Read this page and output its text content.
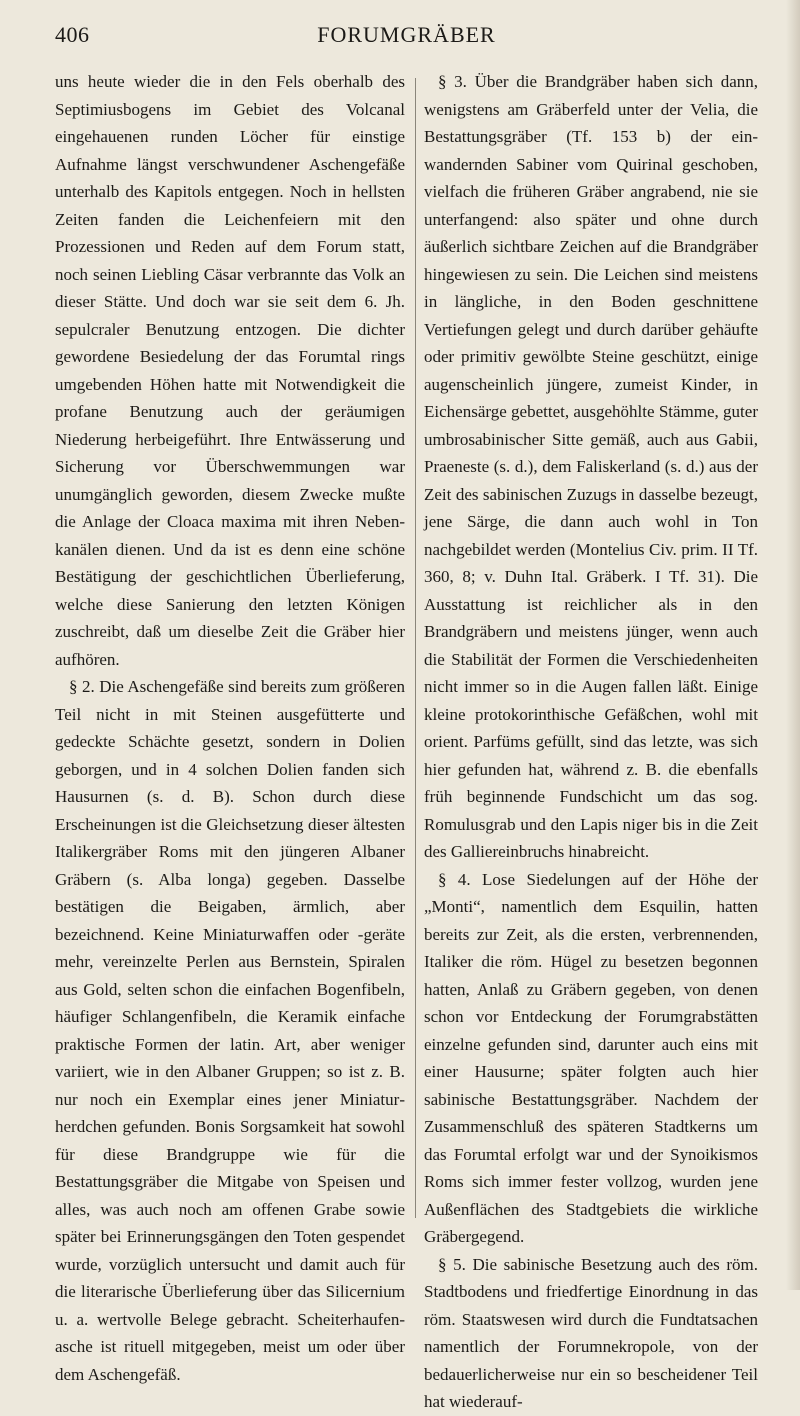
406	FORUMGRÄBER

uns heute wieder die in den Fels oberhalb des Septimiusbogens im Gebiet des Volcanal eingehauenen runden Löcher für einstige Aufnahme längst verschwundener Aschengefäße unterhalb des Kapitols entgegen. Noch in hellsten Zeiten fanden die Leichenfeiern mit den Prozessionen und Reden auf dem Forum statt, noch seinen Liebling Cäsar verbrannte das Volk an dieser Stätte. Und doch war sie seit dem 6. Jh. sepulcraler Benutzung entzogen. Die dichter gewordene Besiedelung der das Forumtal rings umgebenden Höhen hatte mit Notwendigkeit die profane Benutzung auch der geräumigen Niederung herbeigeführt. Ihre Entwässerung und Sicherung vor Überschwemmungen war unumgänglich geworden, diesem Zwecke mußte die Anlage der Cloaca maxima mit ihren Nebenkanälen dienen. Und da ist es denn eine schöne Bestätigung der geschichtlichen Überlieferung, welche diese Sanierung den letzten Königen zuschreibt, daß um dieselbe Zeit die Gräber hier aufhören.

§ 2. Die Aschengefäße sind bereits zum größeren Teil nicht in mit Steinen ausgefütterte und gedeckte Schächte gesetzt, sondern in Dolien geborgen, und in 4 solchen Dolien fanden sich Hausurnen (s. d. B). Schon durch diese Erscheinungen ist die Gleichsetzung dieser ältesten Italikergräber Roms mit den jüngeren Albaner Gräbern (s. Alba longa) gegeben. Dasselbe bestätigen die Beigaben, ärmlich, aber bezeichnend. Keine Miniaturwaffen oder -geräte mehr, vereinzelte Perlen aus Bernstein, Spiralen aus Gold, selten schon die einfachen Bogenfibeln, häufiger Schlangenfibeln, die Keramik einfache praktische Formen der latin. Art, aber weniger variiert, wie in den Albaner Gruppen; so ist z. B. nur noch ein Exemplar eines jener Miniaturherdchen gefunden. Bonis Sorgsamkeit hat sowohl für diese Brandgruppe wie für die Bestattungsgräber die Mitgabe von Speisen und alles, was auch noch am offenen Grabe sowie später bei Erinnerungsgängen den Toten gespendet wurde, vorzüglich untersucht und damit auch für die literarische Überlieferung über das Silicernium u. a. wertvolle Belege gebracht. Scheiterhaufenasche ist rituell mitgegeben, meist um oder über dem Aschengefäß.

§ 3. Über die Brandgräber haben sich dann, wenigstens am Gräberfeld unter der Velia, die Bestattungsgräber (Tf. 153 b) der einwandernden Sabiner vom Quirinal geschoben, vielfach die früheren Gräber angrabend, nie sie unterfangend: also später und ohne durch äußerlich sichtbare Zeichen auf die Brandgräber hingewiesen zu sein. Die Leichen sind meistens in längliche, in den Boden geschnittene Vertiefungen gelegt und durch darüber gehäufte oder primitiv gewölbte Steine geschützt, einige augenscheinlich jüngere, zumeist Kinder, in Eichensärge gebettet, ausgehöhlte Stämme, guter umbrosabinischer Sitte gemäß, auch aus Gabii, Praeneste (s. d.), dem Faliskerland (s. d.) aus der Zeit des sabinischen Zuzugs in dasselbe bezeugt, jene Särge, die dann auch wohl in Ton nachgebildet werden (Montelius Civ. prim. II Tf. 360, 8; v. Duhn Ital. Gräberk. I Tf. 31). Die Ausstattung ist reichlicher als in den Brandgräbern und meistens jünger, wenn auch die Stabilität der Formen die Verschiedenheiten nicht immer so in die Augen fallen läßt. Einige kleine protokorinthische Gefäßchen, wohl mit orient. Parfüms gefüllt, sind das letzte, was sich hier gefunden hat, während z. B. die ebenfalls früh beginnende Fundschicht um das sog. Romulusgrab und den Lapis niger bis in die Zeit des Galliereinbruchs hinabreicht.

§ 4. Lose Siedelungen auf der Höhe der „Monti“, namentlich dem Esquilin, hatten bereits zur Zeit, als die ersten, verbrennenden, Italiker die röm. Hügel zu besetzen begonnen hatten, Anlaß zu Gräbern gegeben, von denen schon vor Entdeckung der Forumgrabstätten einzelne gefunden sind, darunter auch eins mit einer Hausurne; später folgten auch hier sabinische Bestattungsgräber. Nachdem der Zusammenschluß des späteren Stadtkerns um das Forumtal erfolgt war und der Synoikismos Roms sich immer fester vollzog, wurden jene Außenflächen des Stadtgebiets die wirkliche Gräbergegend.

§ 5. Die sabinische Besetzung auch des röm. Stadtbodens und friedfertige Einordnung in das röm. Staatswesen wird durch die Fundtatsachen namentlich der Forumnekropole, von der bedauerlicherweise nur ein so bescheidener Teil hat wiederauf-
